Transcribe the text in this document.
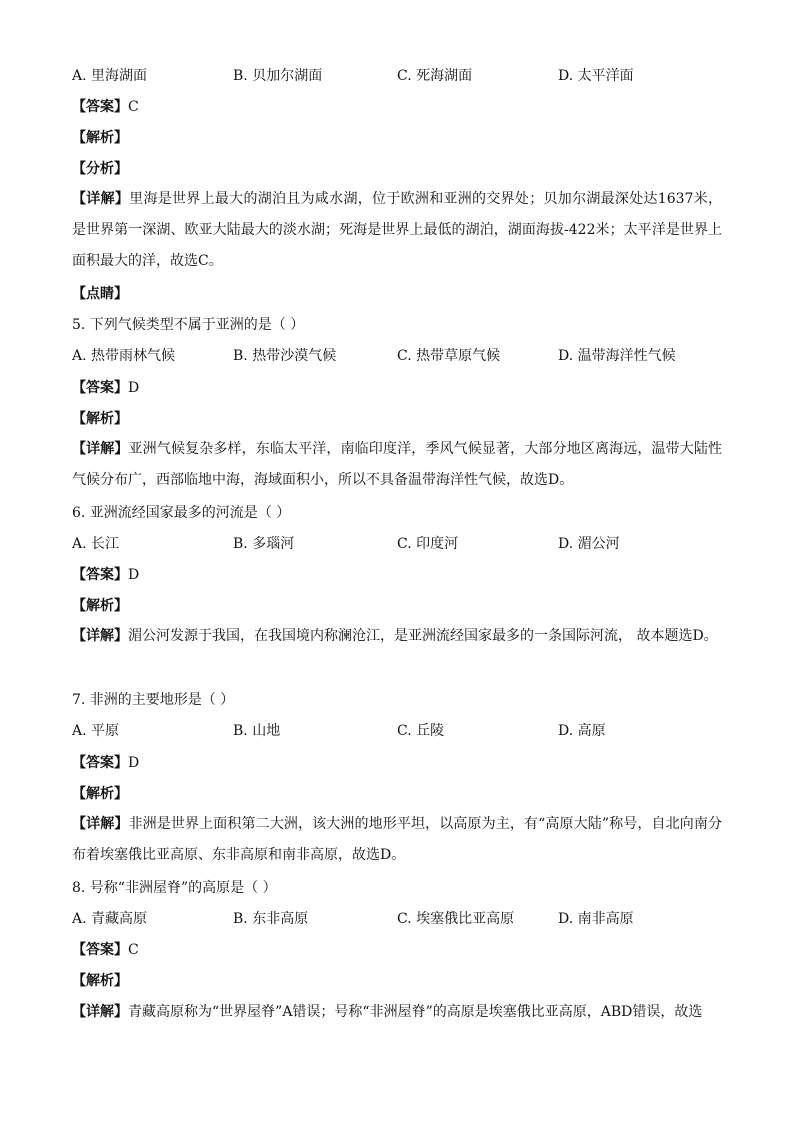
A. 里海湖面	B. 贝加尔湖面	C. 死海湖面	D. 太平洋面
【答案】C
【解析】
【分析】
【详解】里海是世界上最大的湖泊且为咸水湖，位于欧洲和亚洲的交界处；贝加尔湖最深处达1637米，是世界第一深湖、欧亚大陆最大的淡水湖；死海是世界上最低的湖泊，湖面海拔-422米；太平洋是世界上面积最大的洋，故选C。
【点睛】
5. 下列气候类型不属于亚洲的是（ ）
A. 热带雨林气候	B. 热带沙漠气候	C. 热带草原气候	D. 温带海洋性气候
【答案】D
【解析】
【详解】亚洲气候复杂多样，东临太平洋，南临印度洋，季风气候显著，大部分地区离海远，温带大陆性气候分布广，西部临地中海，海域面积小，所以不具备温带海洋性气候，故选D。
6. 亚洲流经国家最多的河流是（ ）
A. 长江	B. 多瑙河	C. 印度河	D. 湄公河
【答案】D
【解析】
【详解】湄公河发源于我国，在我国境内称澜沧江，是亚洲流经国家最多的一条国际河流， 故本题选D。
7. 非洲的主要地形是（ ）
A. 平原	B. 山地	C. 丘陵	D. 高原
【答案】D
【解析】
【详解】非洲是世界上面积第二大洲，该大洲的地形平坦，以高原为主，有“高原大陆”称号，自北向南分布着埃塞俄比亚高原、东非高原和南非高原，故选D。
8. 号称“非洲屋脊”的高原是（ ）
A. 青藏高原	B. 东非高原	C. 埃塞俄比亚高原	D. 南非高原
【答案】C
【解析】
【详解】青藏高原称为“世界屋脊”A错误；号称“非洲屋脊”的高原是埃塞俄比亚高原，ABD错误，故选
